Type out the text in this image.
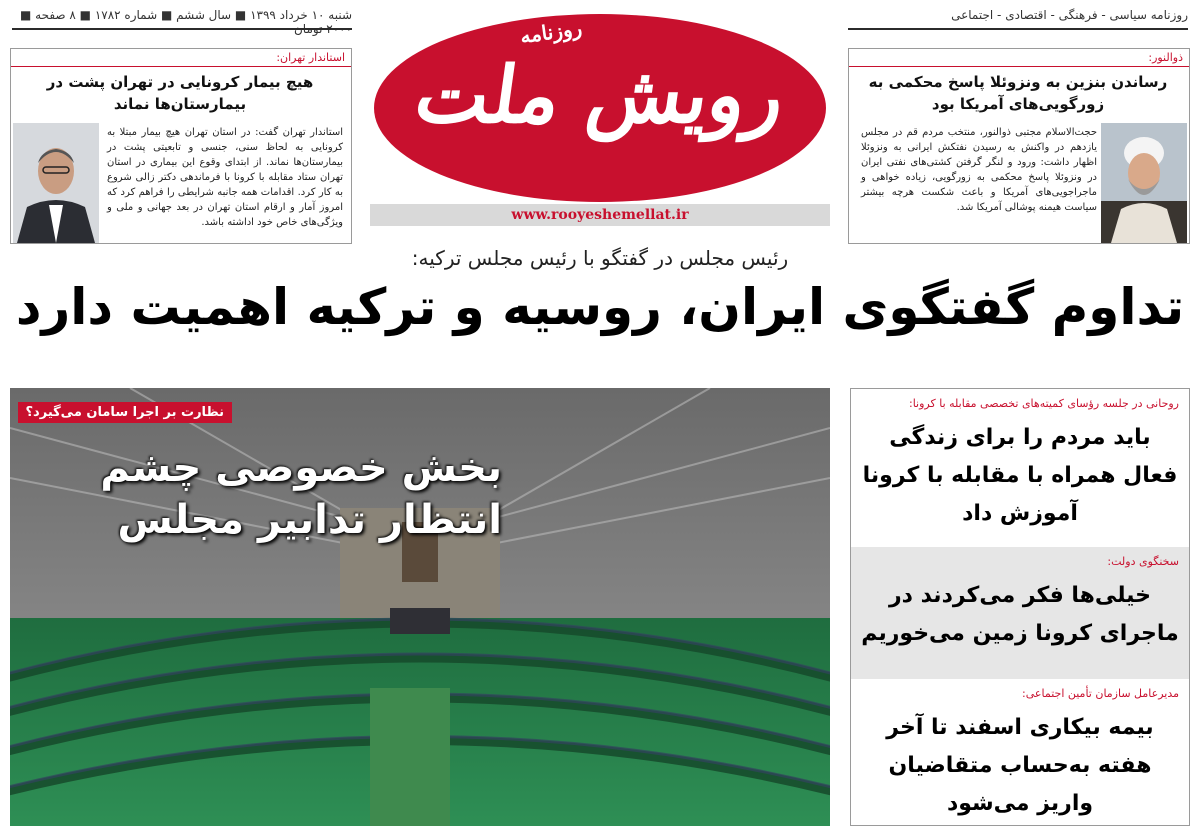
روزنامه سیاسی - فرهنگی - اقتصادی - اجتماعی
شنبه ۱۰ خرداد ۱۳۹۹ ■ سال ششم ■ شماره ۱۷۸۲ ■ ۸ صفحه ■
روزنامه
رویش ملت
www.rooyeshemellat.ir
ذوالنور:
رساندن بنزین به ونزوئلا پاسخ محکمی به زورگویی‌های آمریکا بود
حجت‌الاسلام مجتبی ذوالنور، منتخب مردم قم در مجلس یازدهم در واکنش به رسیدن نفتکش ایرانی به ونزوئلا اظهار داشت: ورود و لنگر گرفتن کشتی‌های نفتی ایران در ونزوئلا پاسخ محکمی به زورگویی، زیاده خواهی و ماجراجویی‌های آمریکا و باعث شکست هرچه بیشتر سیاست هیمنه پوشالی آمریکا شد.
استاندار تهران:
هیچ بیمار کرونایی در تهران پشت در بیمارستان‌ها نماند
استاندار تهران گفت: در استان تهران هیچ بیمار مبتلا به کرونایی به لحاظ سنی، جنسی و تابعیتی پشت در بیمارستان‌ها نماند. از ابتدای وقوع این بیماری در استان تهران ستاد مقابله با کرونا با فرماندهی دکتر زالی شروع به کار کرد. اقدامات همه جانبه شرایطی را فراهم کرد که امروز آمار و ارقام استان تهران در بعد جهانی و ملی و ویژگی‌های خاص خود اداشته باشد.
رئیس مجلس در گفتگو با رئیس مجلس ترکیه:
تداوم گفتگوی ایران، روسیه و ترکیه اهمیت دارد
نظارت بر اجرا سامان می‌گیرد؟
بخش خصوصی چشم انتظار تدابیر مجلس
روحانی در جلسه رؤسای کمیته‌های تخصصی مقابله با کرونا:
باید مردم را برای زندگی فعال همراه با مقابله با کرونا آموزش داد
سخنگوی دولت:
خیلی‌ها فکر می‌کردند در ماجرای کرونا زمین می‌خوریم
مدیرعامل سازمان تأمین اجتماعی:
بیمه بیکاری اسفند تا آخر هفته به‌حساب متقاضیان واریز می‌شود
